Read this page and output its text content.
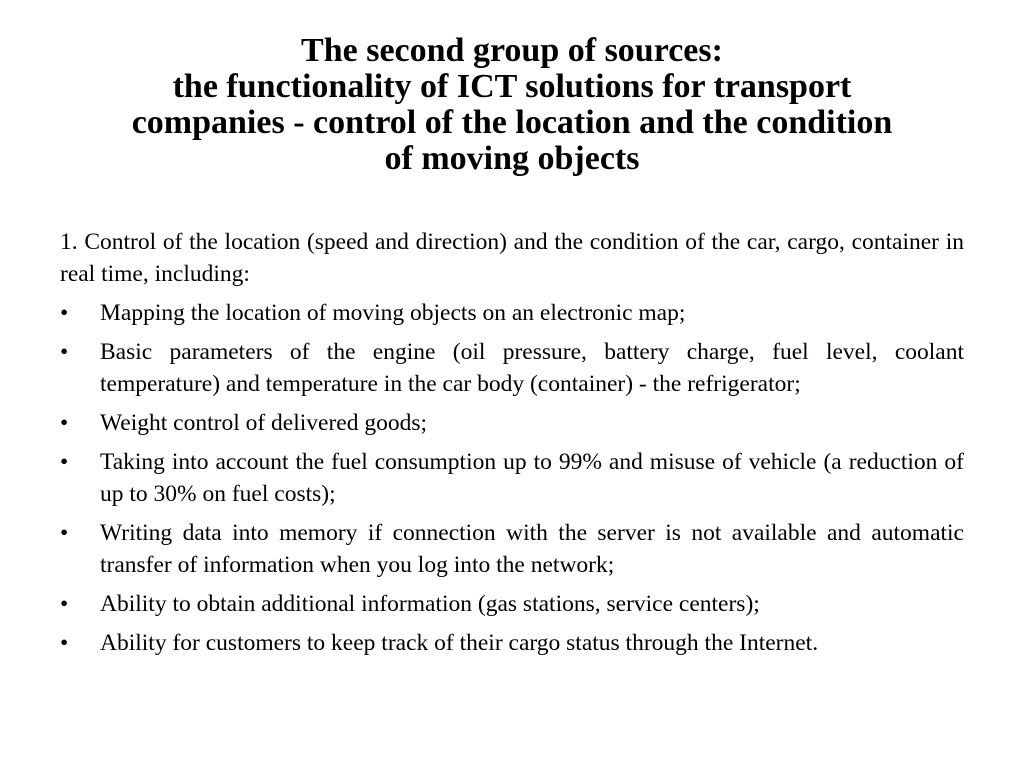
The second group of sources:
the functionality of ICT solutions for transport
companies - control of the location and the condition
of moving objects

1. Control of the location (speed and direction) and the condition of the car, cargo, container in real time, including:

•	Mapping the location of moving objects on an electronic map;
•	Basic parameters of the engine (oil pressure, battery charge, fuel level, coolant temperature) and temperature in the car body (container) - the refrigerator;
•	Weight control of delivered goods;
•	Taking into account the fuel consumption up to 99% and misuse of vehicle (a reduction of up to 30% on fuel costs);
•	Writing data into memory if connection with the server is not available and automatic transfer of information when you log into the network;
•	Ability to obtain additional information (gas stations, service centers);
•	Ability for customers to keep track of their cargo status through the Internet.
